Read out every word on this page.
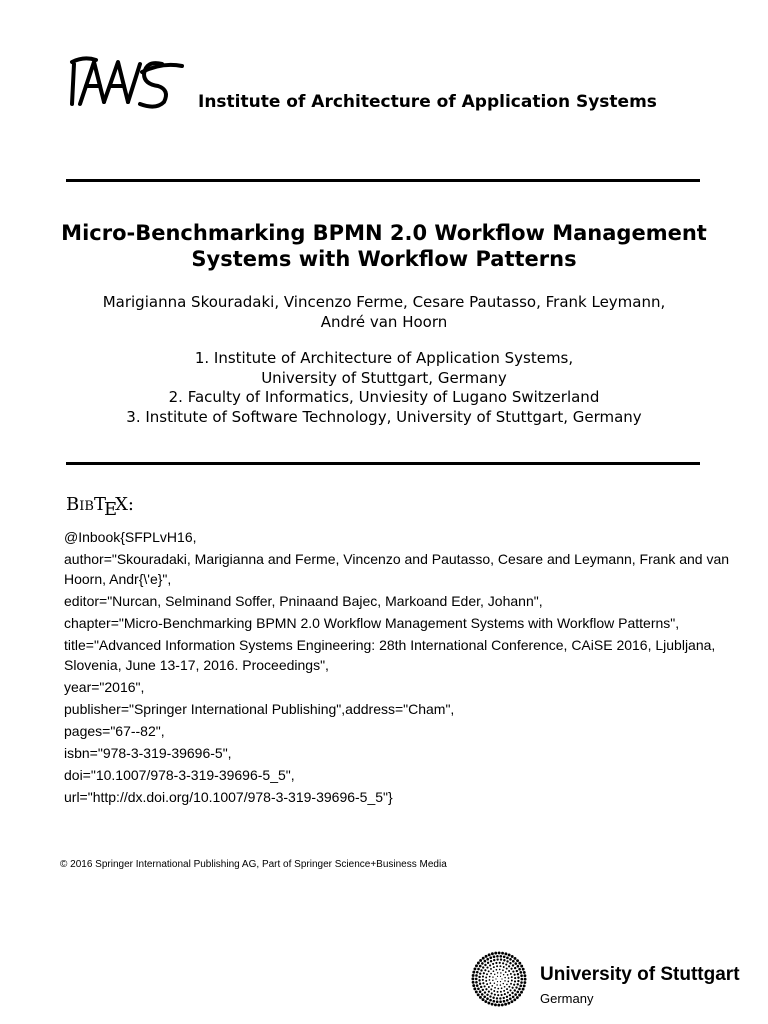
Institute of Architecture of Application Systems
Micro-Benchmarking BPMN 2.0 Workflow Management
Systems with Workflow Patterns
Marigianna Skouradaki, Vincenzo Ferme, Cesare Pautasso, Frank Leymann,
André van Hoorn
1. Institute of Architecture of Application Systems,
University of Stuttgart, Germany
2. Faculty of Informatics, Unviesity of Lugano Switzerland
3. Institute of Software Technology, University of Stuttgart, Germany
BIBTEX:
@Inbook{SFPLvH16,
author="Skouradaki, Marigianna and Ferme, Vincenzo and Pautasso, Cesare and Leymann, Frank and van Hoorn, Andr{\'e}",
editor="Nurcan, Selminand Soffer, Pninaand Bajec, Markoand Eder, Johann",
chapter="Micro-Benchmarking BPMN 2.0 Workflow Management Systems with Workflow Patterns",
title="Advanced Information Systems Engineering: 28th International Conference, CAiSE 2016, Ljubljana, Slovenia, June 13-17, 2016. Proceedings",
year="2016",
publisher="Springer International Publishing",address="Cham",
pages="67--82",
isbn="978-3-319-39696-5",
doi="10.1007/978-3-319-39696-5_5",
url="http://dx.doi.org/10.1007/978-3-319-39696-5_5"}
© 2016 Springer International Publishing AG, Part of Springer Science+Business Media
University of Stuttgart
Germany
